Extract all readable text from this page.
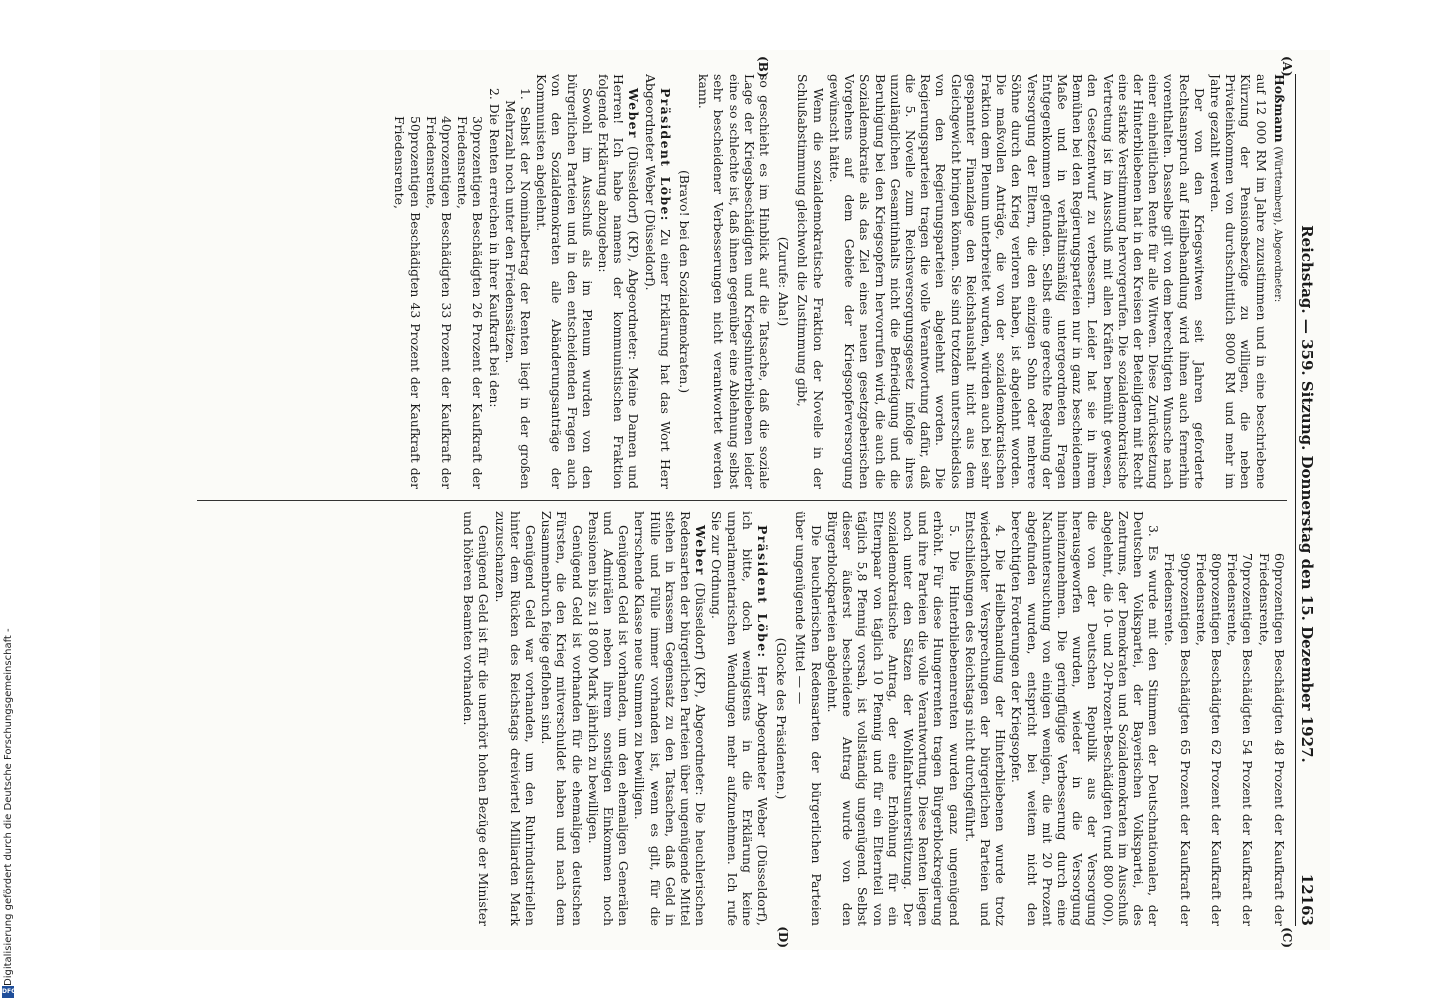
Reichstag. — 359. Sitzung. Donnerstag den 15. Dezember 1927.
12163

Hoßmann (Württemberg), Abgeordneter:

auf 12 000 RM im Jahre zuzustimmen und in eine beschriebene Kürzung der Pensionsbezüge zu willigen, die neben Privateinkommen von durchschnittlich 8000 RM und mehr im Jahre gezahlt werden.

Der von den Kriegswitwen seit Jahren geforderte Rechtsanspruch auf Heilbehandlung wird ihnen auch fernerhin vorenthalten. Dasselbe gilt von dem berechtigten Wunsche nach einer einheitlichen Rente für alle Witwen. Diese Zurücksetzung der Hinterbliebenen hat in den Kreisen der Beteiligten mit Recht eine starke Verstimmung hervorgerufen. Die sozialdemokratische Vertretung ist im Ausschuß mit allen Kräften bemüht gewesen, den Gesetzentwurf zu verbessern. Leider hat sie in ihrem Bemühen bei den Regierungsparteien nur in ganz bescheidenem Maße und in verhältnismäßig untergeordneten Fragen Entgegenkommen gefunden. Selbst eine gerechte Regelung der Versorgung der Eltern, die den einzigen Sohn oder mehrere Söhne durch den Krieg verloren haben, ist abgelehnt worden. Die maßvollen Anträge, die von der sozialdemokratischen Fraktion dem Plenum unterbreitet wurden, würden auch bei sehr gespannter Finanzlage den Reichshaushalt nicht aus dem Gleichgewicht bringen können. Sie sind trotzdem unterschiedslos von den Regierungsparteien abgelehnt worden. Die Regierungsparteien tragen die volle Verantwortung dafür, daß die 5. Novelle zum Reichsversorgungsgesetz infolge ihres unzulänglichen Gesamtinhalts nicht die Befriedigung und die Beruhigung bei den Kriegsopfern hervorrufen wird, die auch die Sozialdemokratie als das Ziel eines neuen gesetzgeberischen Vorgehens auf dem Gebiete der Kriegsopferversorgung gewünscht hätte.

Wenn die sozialdemokratische Fraktion der Novelle in der Schlußabstimmung gleichwohl die Zustimmung gibt,

(Zurufe: Aha!)

so geschieht es im Hinblick auf die Tatsache, daß die soziale Lage der Kriegsbeschädigten und Kriegshinterbliebenen leider eine so schlechte ist, daß ihnen gegenüber eine Ablehnung selbst sehr bescheidener Verbesserungen nicht verantwortet werden kann.

(Bravo! bei den Sozialdemokraten.)

Präsident Löbe: Zu einer Erklärung hat das Wort Herr Abgeordneter Weber (Düsseldorf).

Weber (Düsseldorf) (KP), Abgeordneter: Meine Damen und Herren! Ich habe namens der kommunistischen Fraktion folgende Erklärung abzugeben:

Sowohl im Ausschuß als im Plenum wurden von den bürgerlichen Parteien und in den entscheidenden Fragen auch von den Sozialdemokraten alle Abänderungsanträge der Kommunisten abgelehnt.

1. Selbst der Nominalbetrag der Renten liegt in der großen Mehrzahl noch unter den Friedenssätzen.

2. Die Renten erreichen in ihrer Kaufkraft bei den:

30prozentigen Beschädigten 26 Prozent der Kaufkraft der Friedensrente,

40prozentigen Beschädigten 33 Prozent der Kaufkraft der Friedensrente,

50prozentigen Beschädigten 43 Prozent der Kaufkraft der Friedensrente,

60prozentigen Beschädigten 48 Prozent der Kaufkraft der Friedensrente,

70prozentigen Beschädigten 54 Prozent der Kaufkraft der Friedensrente,

80prozentigen Beschädigten 62 Prozent der Kaufkraft der Friedensrente,

90prozentigen Beschädigten 65 Prozent der Kaufkraft der Friedensrente.

3. Es wurde mit den Stimmen der Deutschnationalen, der Deutschen Volkspartei, der Bayerischen Volkspartei, des Zentrums, der Demokraten und Sozialdemokraten im Ausschuß abgelehnt, die 10- und 20-Prozent-Beschädigten (rund 800 000), die von der Deutschen Republik aus der Versorgung herausgeworfen wurden, wieder in die Versorgung hineinzunehmen. Die geringfügige Verbesserung durch eine Nachuntersuchung von einigen wenigen, die mit 20 Prozent abgefunden wurden, entspricht bei weitem nicht den berechtigten Forderungen der Kriegsopfer.

4. Die Heilbehandlung der Hinterbliebenen wurde trotz wiederholter Versprechungen der bürgerlichen Parteien und Entschließungen des Reichstags nicht durchgeführt.

5. Die Hinterbliebenenrenten wurden ganz ungenügend erhöht. Für diese Hungerrenten tragen Bürgerblockregierung und ihre Parteien die volle Verantwortung. Diese Renten liegen noch unter den Sätzen der Wohlfahrtsunterstützung. Der sozialdemokratische Antrag, der eine Erhöhung für ein Elternpaar von täglich 10 Pfennig und für ein Elternteil von täglich 5,8 Pfennig vorsah, ist vollständig ungenügend. Selbst dieser äußerst bescheidene Antrag wurde von den Bürgerblockparteien abgelehnt.

Die heuchlerischen Redensarten der bürgerlichen Parteien über ungenügende Mittel — —

(Glocke des Präsidenten.)

Präsident Löbe: Herr Abgeordneter Weber (Düsseldorf), ich bitte, doch wenigstens in die Erklärung keine unparlamentarischen Wendungen mehr aufzunehmen. Ich rufe Sie zur Ordnung.

Weber (Düsseldorf) (KP), Abgeordneter: Die heuchlerischen Redensarten der bürgerlichen Parteien über ungenügende Mittel stehen in krassem Gegensatz zu den Tatsachen, daß Geld in Hülle und Fülle immer vorhanden ist, wenn es gilt, für die herrschende Klasse neue Summen zu bewilligen.

Genügend Geld ist vorhanden, um den ehemaligen Generälen und Admirälen neben ihrem sonstigen Einkommen noch Pensionen bis zu 18 000 Mark jährlich zu bewilligen.

Genügend Geld ist vorhanden für die ehemaligen deutschen Fürsten, die den Krieg mitverschuldet haben und nach dem Zusammenbruch feige geflohen sind.

Genügend Geld war vorhanden, um den Ruhrindustriellen hinter dem Rücken des Reichstags dreiviertel Milliarden Mark zuzuschanzen.

Genügend Geld ist für die unerhört hohen Bezüge der Minister und höheren Beamten vorhanden.

(A)
(B)
(C)
(D)
Digitalisierung gefördert durch die Deutsche Forschungsgemeinschaft -
DFG
